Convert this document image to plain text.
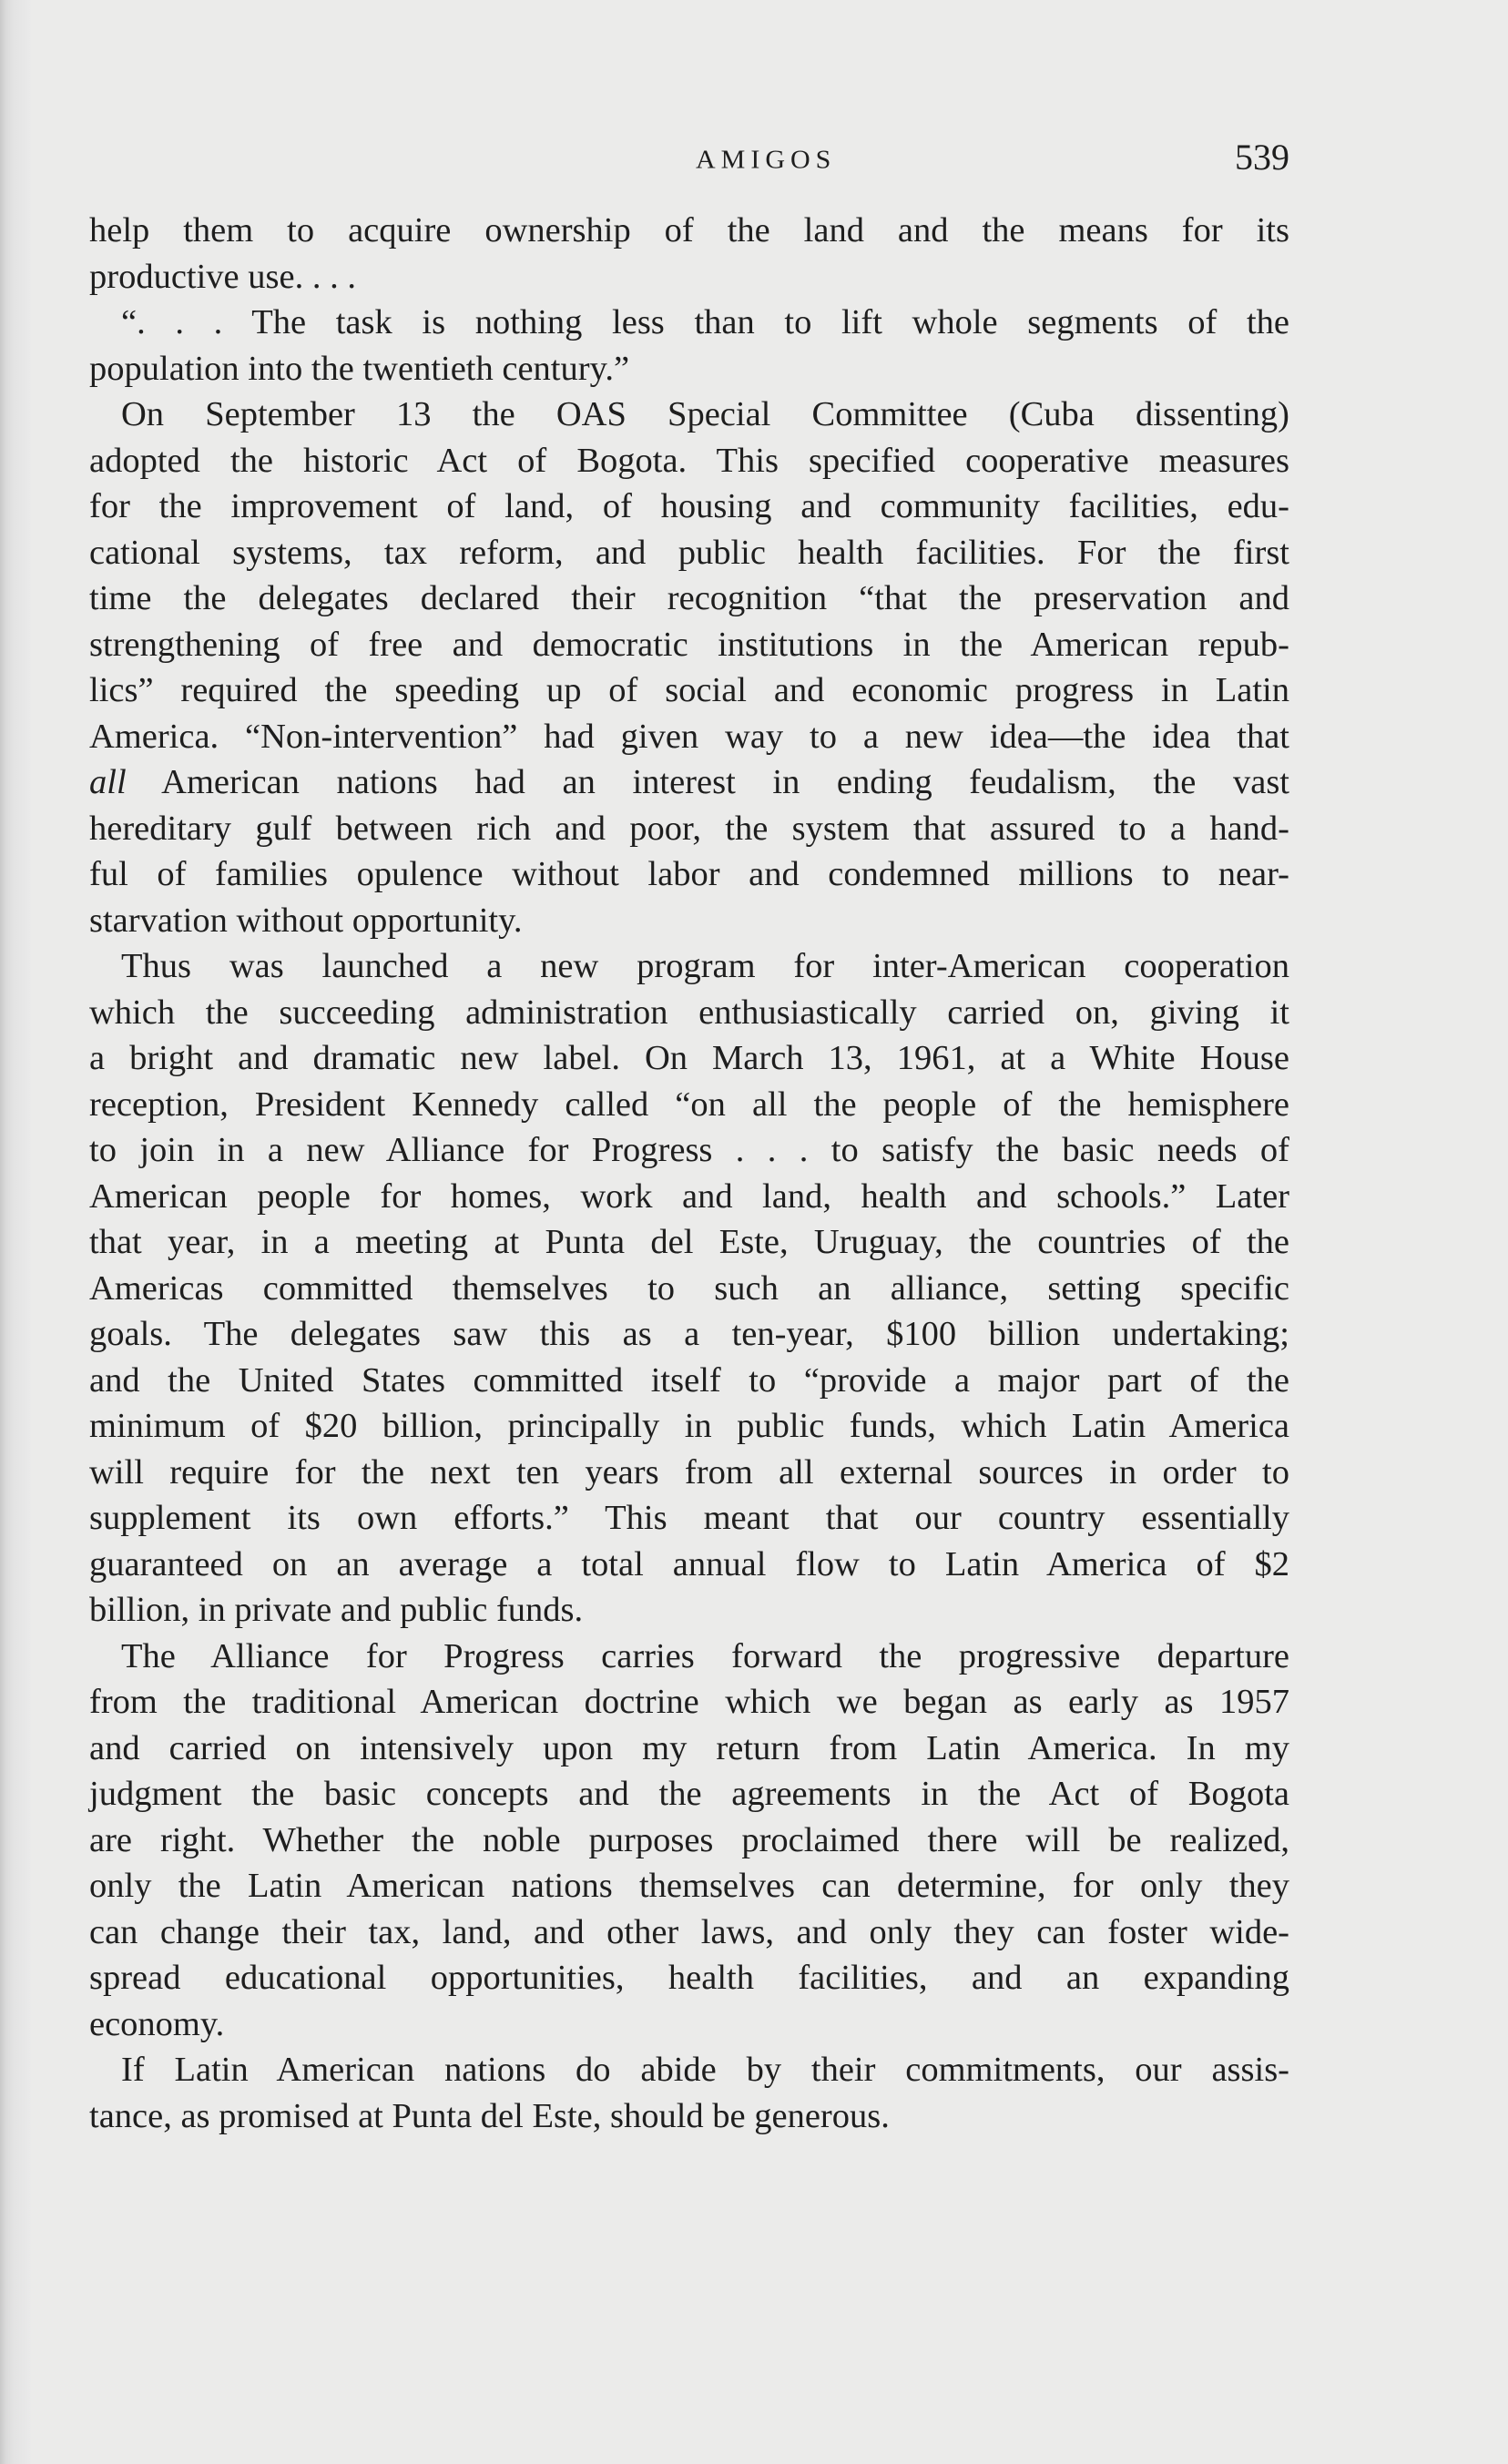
AMIGOS	539
help them to acquire ownership of the land and the means for its
productive use. . . .
“. . . The task is nothing less than to lift whole segments of the
population into the twentieth century.”
On September 13 the OAS Special Committee (Cuba dissenting)
adopted the historic Act of Bogota. This specified cooperative measures
for the improvement of land, of housing and community facilities, edu-
cational systems, tax reform, and public health facilities. For the first
time the delegates declared their recognition “that the preservation and
strengthening of free and democratic institutions in the American repub-
lics” required the speeding up of social and economic progress in Latin
America. “Non-intervention” had given way to a new idea—the idea that
all American nations had an interest in ending feudalism, the vast
hereditary gulf between rich and poor, the system that assured to a hand-
ful of families opulence without labor and condemned millions to near-
starvation without opportunity.
Thus was launched a new program for inter-American cooperation
which the succeeding administration enthusiastically carried on, giving it
a bright and dramatic new label. On March 13, 1961, at a White House
reception, President Kennedy called “on all the people of the hemisphere
to join in a new Alliance for Progress . . . to satisfy the basic needs of
American people for homes, work and land, health and schools.” Later
that year, in a meeting at Punta del Este, Uruguay, the countries of the
Americas committed themselves to such an alliance, setting specific
goals. The delegates saw this as a ten-year, $100 billion undertaking;
and the United States committed itself to “provide a major part of the
minimum of $20 billion, principally in public funds, which Latin America
will require for the next ten years from all external sources in order to
supplement its own efforts.” This meant that our country essentially
guaranteed on an average a total annual flow to Latin America of $2
billion, in private and public funds.
The Alliance for Progress carries forward the progressive departure
from the traditional American doctrine which we began as early as 1957
and carried on intensively upon my return from Latin America. In my
judgment the basic concepts and the agreements in the Act of Bogota
are right. Whether the noble purposes proclaimed there will be realized,
only the Latin American nations themselves can determine, for only they
can change their tax, land, and other laws, and only they can foster wide-
spread educational opportunities, health facilities, and an expanding
economy.
If Latin American nations do abide by their commitments, our assis-
tance, as promised at Punta del Este, should be generous.
